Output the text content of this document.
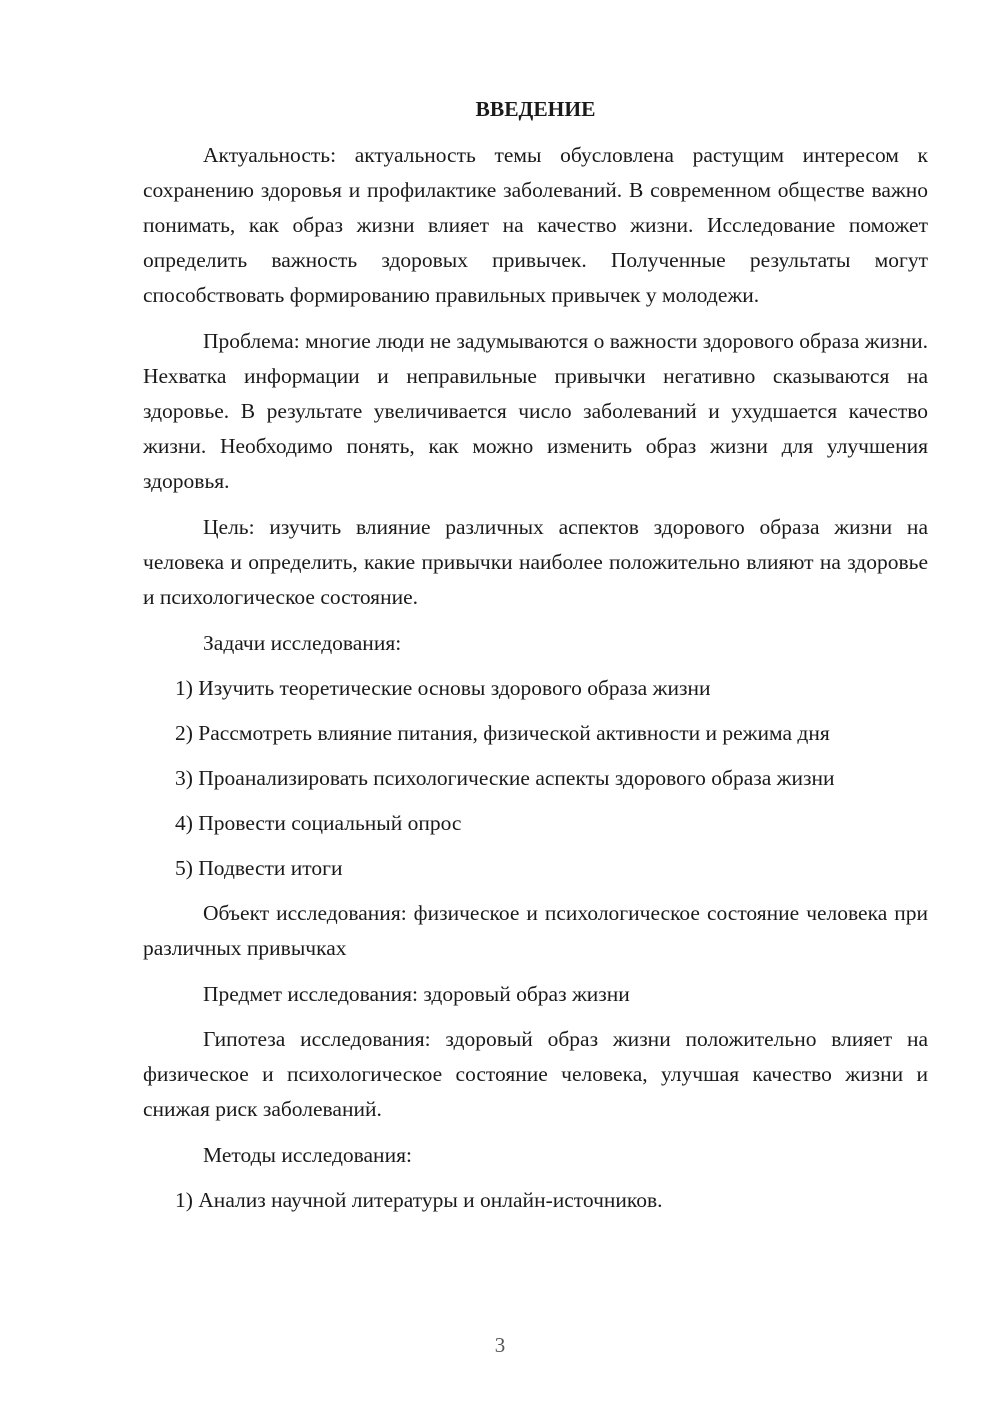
ВВЕДЕНИЕ

Актуальность: актуальность темы обусловлена растущим интересом к сохранению здоровья и профилактике заболеваний. В современном обществе важно понимать, как образ жизни влияет на качество жизни. Исследование поможет определить важность здоровых привычек. Полученные результаты могут способствовать формированию правильных привычек у молодежи.

Проблема: многие люди не задумываются о важности здорового образа жизни. Нехватка информации и неправильные привычки негативно сказываются на здоровье. В результате увеличивается число заболеваний и ухудшается качество жизни. Необходимо понять, как можно изменить образ жизни для улучшения здоровья.

Цель: изучить влияние различных аспектов здорового образа жизни на человека и определить, какие привычки наиболее положительно влияют на здоровье и психологическое состояние.

Задачи исследования:

1) Изучить теоретические основы здорового образа жизни

2) Рассмотреть влияние питания, физической активности и режима дня

3) Проанализировать психологические аспекты здорового образа жизни

4) Провести социальный опрос

5) Подвести итоги

Объект исследования: физическое и психологическое состояние человека при различных привычках

Предмет исследования: здоровый образ жизни

Гипотеза исследования: здоровый образ жизни положительно влияет на физическое и психологическое состояние человека, улучшая качество жизни и снижая риск заболеваний.

Методы исследования:

1) Анализ научной литературы и онлайн-источников.

3
